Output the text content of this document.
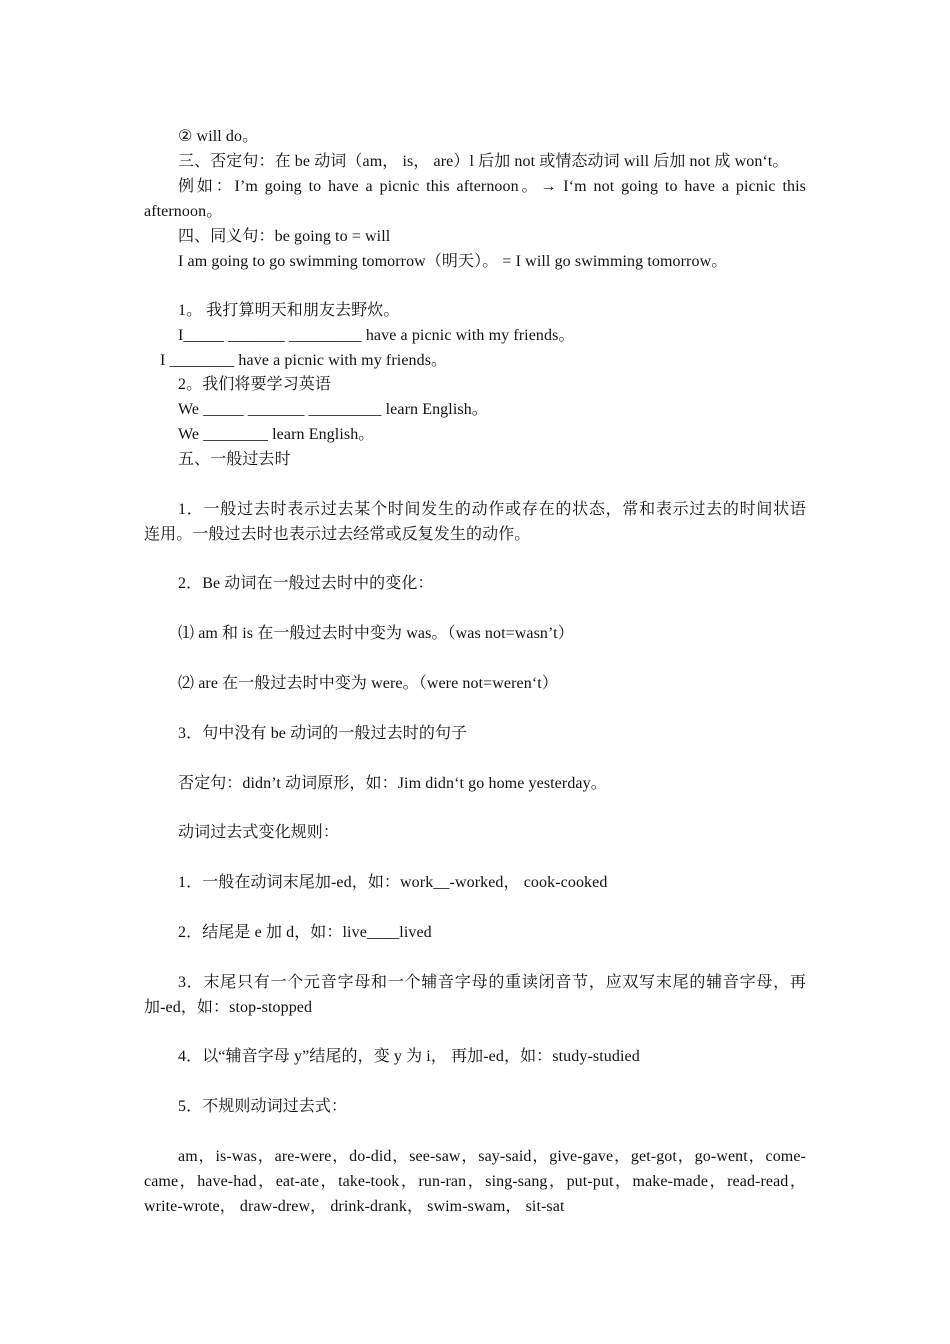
② will do。
三、否定句：在 be 动词（am， is， are）l 后加 not 或情态动词 will 后加 not 成 won‘t。
例如：I’m going to have a picnic this afternoon。→ I‘m not going to have a picnic this
afternoon。
四、同义句：be going to = will
I am going to go swimming tomorrow（明天）。 = I will go swimming tomorrow。
1。 我打算明天和朋友去野炊。
I_____ _______ _________ have a picnic with my friends。
I ________ have a picnic with my friends。
2。我们将要学习英语
We _____ _______ _________ learn English。
We ________ learn English。
五、一般过去时
1．一般过去时表示过去某个时间发生的动作或存在的状态，常和表示过去的时间状语
连用。一般过去时也表示过去经常或反复发生的动作。
2．Be 动词在一般过去时中的变化：
⑴ am 和 is 在一般过去时中变为 was。（was not=wasn’t）
⑵ are 在一般过去时中变为 were。（were not=weren‘t）
3．句中没有 be 动词的一般过去时的句子
否定句：didn’t 动词原形，如：Jim didn‘t go home yesterday。
动词过去式变化规则：
1．一般在动词末尾加-ed，如：work__-worked， cook-cooked
2．结尾是 e 加 d，如：live____lived
3．末尾只有一个元音字母和一个辅音字母的重读闭音节，应双写末尾的辅音字母，再
加-ed，如：stop-stopped
4．以“辅音字母 y”结尾的，变 y 为 i， 再加-ed，如：study-studied
5．不规则动词过去式：
am，is-was，are-were，do-did，see-saw，say-said，give-gave，get-got，go-went，come-
came，have-had，eat-ate，take-took，run-ran，sing-sang，put-put，make-made，read-read，
write-wrote， draw-drew， drink-drank， swim-swam， sit-sat
